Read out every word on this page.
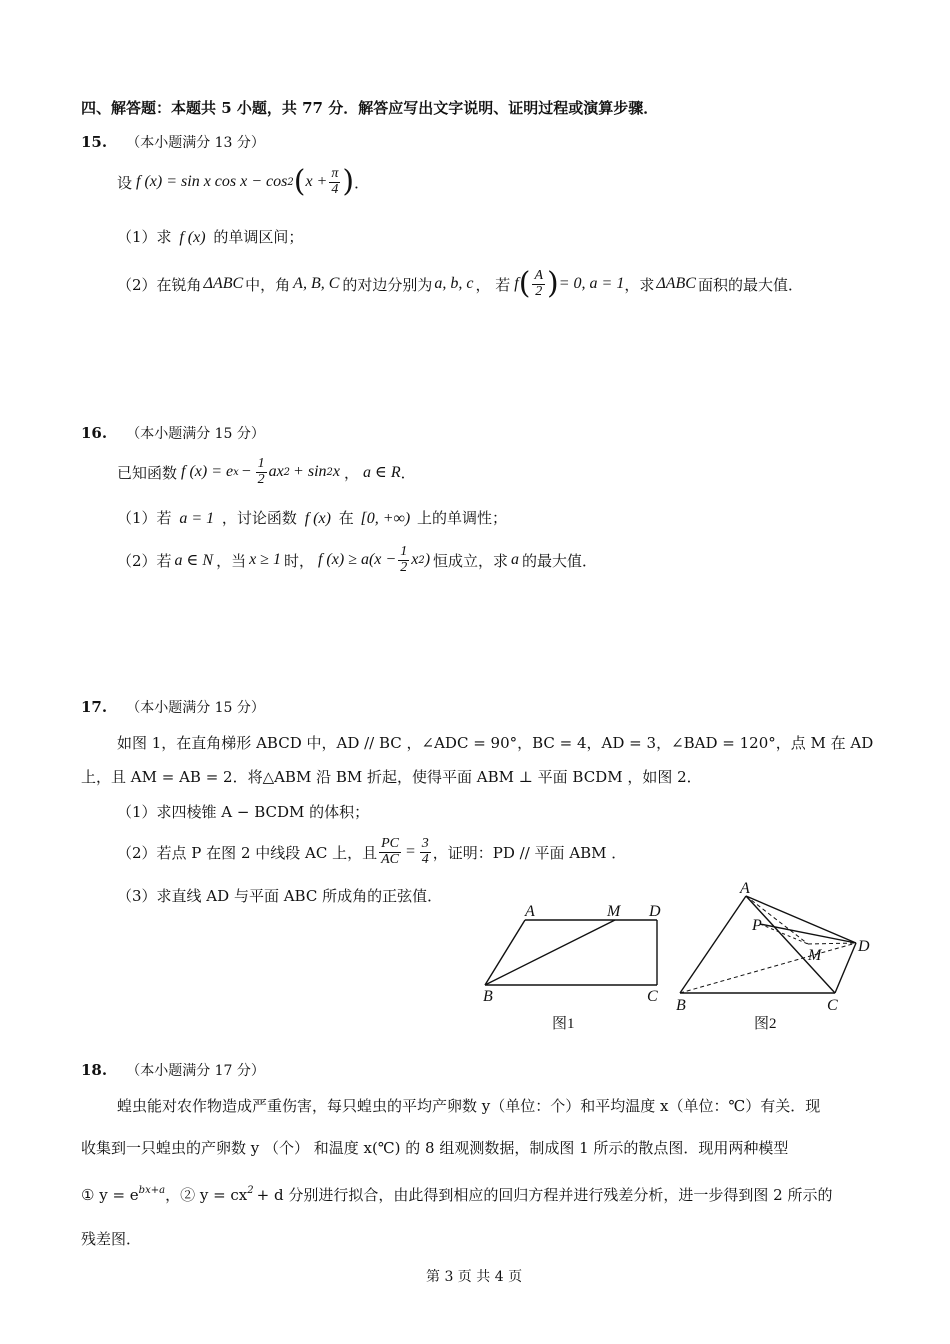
四、解答题：本题共 5 小题，共 77 分．解答应写出文字说明、证明过程或演算步骤．
15. （本小题满分 13 分）
设 f (x) = sin x cos x − cos 2 ( $x + \frac{\pi}{4}$ ) ．
（1）求 f (x) 的单调区间；
（2）在锐角 ΔABC 中，角 A, B, C 的对边分别为 a, b, c ， 若 f ( $\frac{A}{2}$ ) = 0, a = 1 ，求 ΔABC 面积的最大值．
16. （本小题满分 15 分）
已知函数 f (x) = e $x - \frac{1}{2}$ ax 2 + sin 2 x ， a ∈ R ．
（1）若 a = 1 ，讨论函数 f (x) 在 [0, +∞) 上的单调性；
（2）若 a ∈ N ，当 x ≥ 1 时， f $(x) \ge a(x - \frac{1}{2}$ x 2 ) 恒成立，求 a 的最大值．
17. （本小题满分 15 分）
如图 1，在直角梯形 ABCD 中，AD // BC ，∠ADC = 90°，BC = 4，AD = 3，∠BAD = 120°，点 M 在 AD
上，且 AM = AB = 2．将△ABM 沿 BM 折起，使得平面 ABM ⊥ 平面 BCDM ，如图 2．
（1）求四棱锥 A − BCDM 的体积；
（2）若点 P 在图 2 中线段 AC 上，且 $\frac{PC}{AC} = \frac{3}{4}$ ，证明：PD // 平面 ABM ．
（3）求直线 AD 与平面 ABC 所成角的正弦值．
A	M D
B	C
图1
A
P
M
D
B	C
图2
18. （本小题满分 17 分）
蝗虫能对农作物造成严重伤害，每只蝗虫的平均产卵数 y（单位：个）和平均温度 x（单位：℃）有关．现
收集到一只蝗虫的产卵数 y （个） 和温度 x(℃) 的 8 组观测数据，制成图 1 所示的散点图．现用两种模型
① $y = e^{bx+a}$，② $y = cx^2 + d$ 分别进行拟合，由此得到相应的回归方程并进行残差分析，进一步得到图 2 所示的
残差图．
第 3 页 共 4 页
